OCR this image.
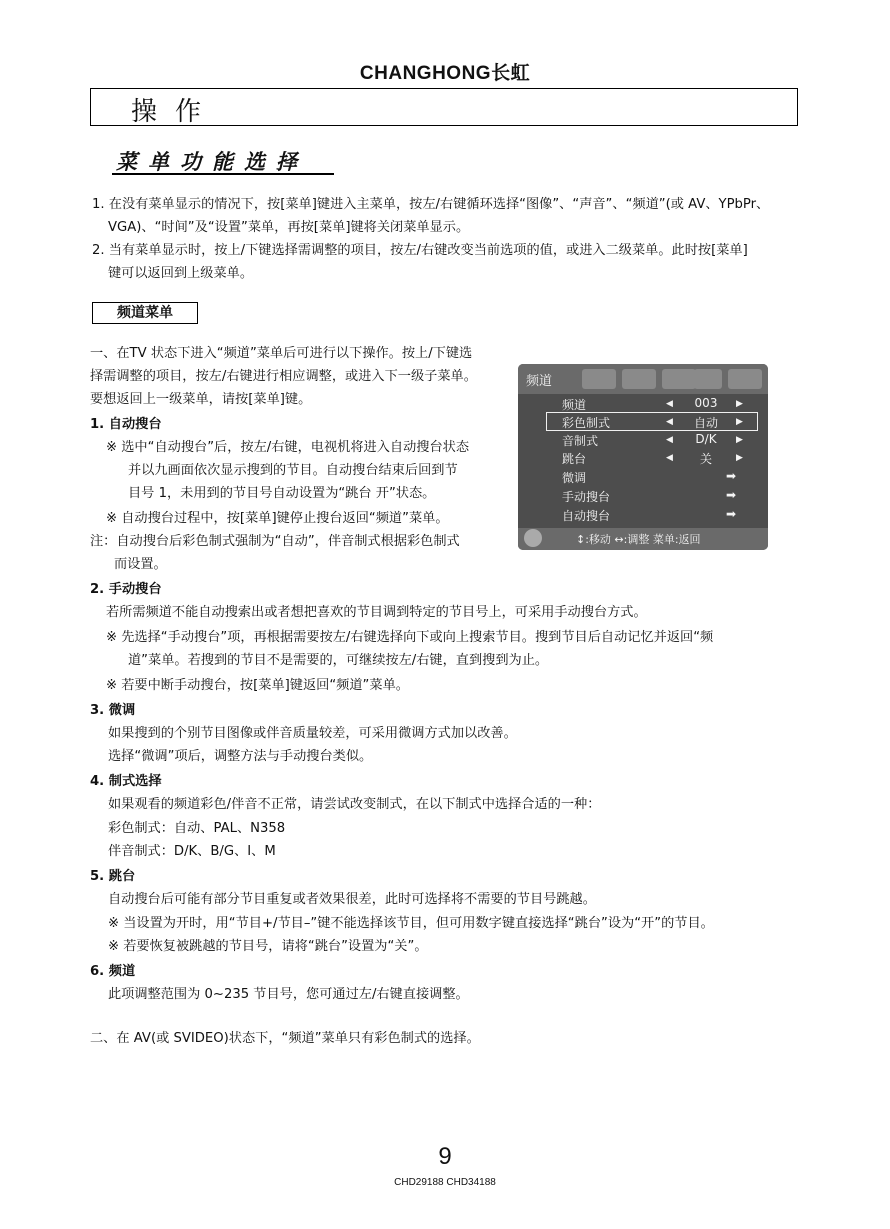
CHANGHONG长虹
操作
菜单功能选择
1. 在没有菜单显示的情况下，按[菜单]键进入主菜单，按左/右键循环选择“图像”、“声音”、“频道”(或 AV、YPbPr、
VGA)、“时间”及“设置”菜单，再按[菜单]键将关闭菜单显示。
2. 当有菜单显示时，按上/下键选择需调整的项目，按左/右键改变当前选项的值，或进入二级菜单。此时按[菜单]
键可以返回到上级菜单。
频道菜单
一、在TV 状态下进入“频道”菜单后可进行以下操作。按上/下键选
择需调整的项目，按左/右键进行相应调整，或进入下一级子菜单。
要想返回上一级菜单，请按[菜单]键。
1. 自动搜台
※ 选中“自动搜台”后，按左/右键，电视机将进入自动搜台状态
并以九画面依次显示搜到的节目。自动搜台结束后回到节
目号 1，未用到的节目号自动设置为“跳台 开”状态。
※ 自动搜台过程中，按[菜单]键停止搜台返回“频道”菜单。
注：自动搜台后彩色制式强制为“自动”，伴音制式根据彩色制式
而设置。
频道
频道	◀	003	▶
彩色制式	◀	自动	▶
音制式	◀	D/K	▶
跳台	◀	关	▶
微调	➡
手动搜台	➡
自动搜台	➡
↕:移动 ↔:调整 菜单:返回
2. 手动搜台
若所需频道不能自动搜索出或者想把喜欢的节目调到特定的节目号上，可采用手动搜台方式。
※ 先选择“手动搜台”项，再根据需要按左/右键选择向下或向上搜索节目。搜到节目后自动记忆并返回“频
道”菜单。若搜到的节目不是需要的，可继续按左/右键，直到搜到为止。
※ 若要中断手动搜台，按[菜单]键返回“频道”菜单。
3. 微调
如果搜到的个别节目图像或伴音质量较差，可采用微调方式加以改善。
选择“微调”项后，调整方法与手动搜台类似。
4. 制式选择
如果观看的频道彩色/伴音不正常，请尝试改变制式，在以下制式中选择合适的一种：
彩色制式：自动、PAL、N358
伴音制式：D/K、B/G、I、M
5. 跳台
自动搜台后可能有部分节目重复或者效果很差，此时可选择将不需要的节目号跳越。
※ 当设置为开时，用“节目+/节目–”键不能选择该节目，但可用数字键直接选择“跳台”设为“开”的节目。
※ 若要恢复被跳越的节目号，请将“跳台”设置为“关”。
6. 频道
此项调整范围为 0~235 节目号，您可通过左/右键直接调整。
二、在 AV(或 SVIDEO)状态下，“频道”菜单只有彩色制式的选择。
9
CHD29188 CHD34188
